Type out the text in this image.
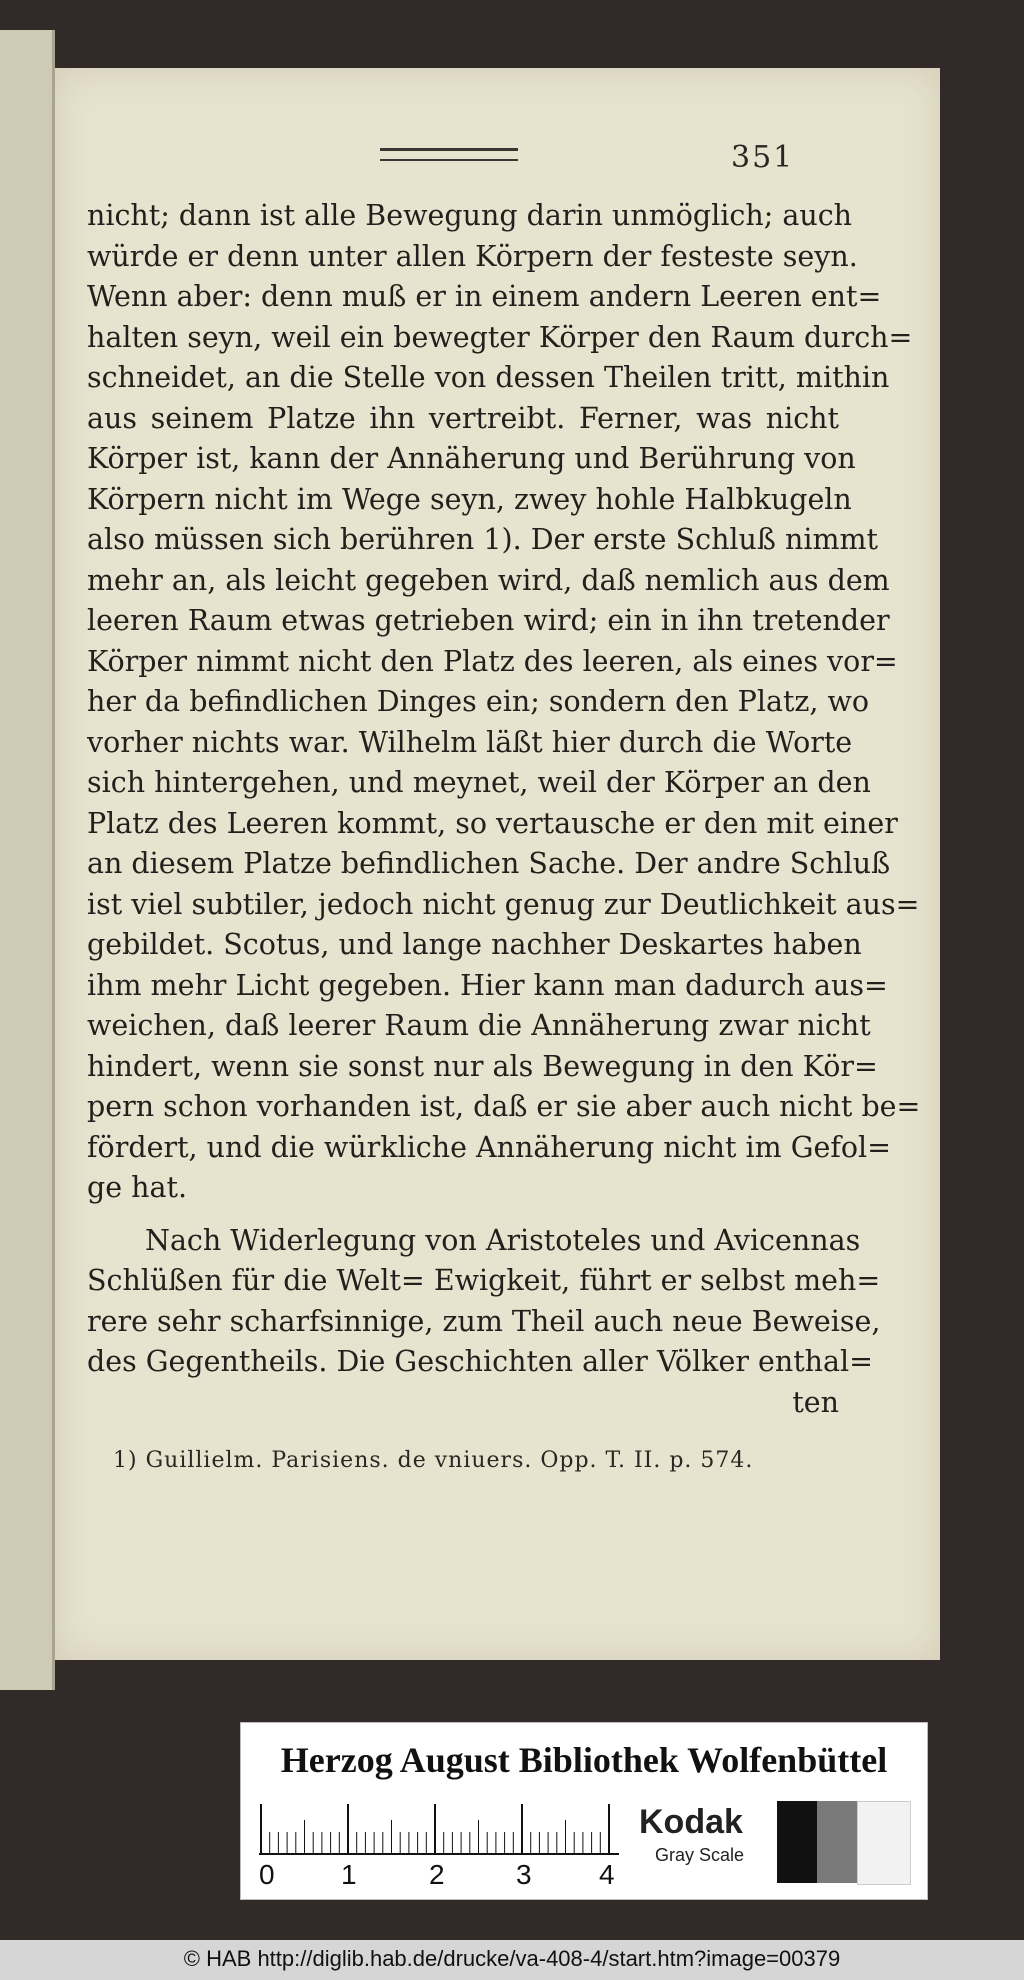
351
nicht; dann ist alle Bewegung darin unmöglich; auch
würde er denn unter allen Körpern der festeste seyn.
Wenn aber: denn muß er in einem andern Leeren ent=
halten seyn, weil ein bewegter Körper den Raum durch=
schneidet, an die Stelle von dessen Theilen tritt, mithin
aus seinem Platze ihn vertreibt. Ferner, was nicht
Körper ist, kann der Annäherung und Berührung von
Körpern nicht im Wege seyn, zwey hohle Halbkugeln
also müssen sich berühren 1). Der erste Schluß nimmt
mehr an, als leicht gegeben wird, daß nemlich aus dem
leeren Raum etwas getrieben wird; ein in ihn tretender
Körper nimmt nicht den Platz des leeren, als eines vor=
her da befindlichen Dinges ein; sondern den Platz, wo
vorher nichts war. Wilhelm läßt hier durch die Worte
sich hintergehen, und meynet, weil der Körper an den
Platz des Leeren kommt, so vertausche er den mit einer
an diesem Platze befindlichen Sache. Der andre Schluß
ist viel subtiler, jedoch nicht genug zur Deutlichkeit aus=
gebildet. Scotus, und lange nachher Deskartes haben
ihm mehr Licht gegeben. Hier kann man dadurch aus=
weichen, daß leerer Raum die Annäherung zwar nicht
hindert, wenn sie sonst nur als Bewegung in den Kör=
pern schon vorhanden ist, daß er sie aber auch nicht be=
fördert, und die würkliche Annäherung nicht im Gefol=
ge hat.
Nach Widerlegung von Aristoteles und Avicennas
Schlüßen für die Welt= Ewigkeit, führt er selbst meh=
rere sehr scharfsinnige, zum Theil auch neue Beweise,
des Gegentheils. Die Geschichten aller Völker enthal=
ten
1) Guillielm. Parisiens. de vniuers. Opp. T. II. p. 574.
Herzog August Bibliothek Wolfenbüttel
0 1	2	3 4
Kodak
Gray Scale
© HAB http://diglib.hab.de/drucke/va-408-4/start.htm?image=00379
